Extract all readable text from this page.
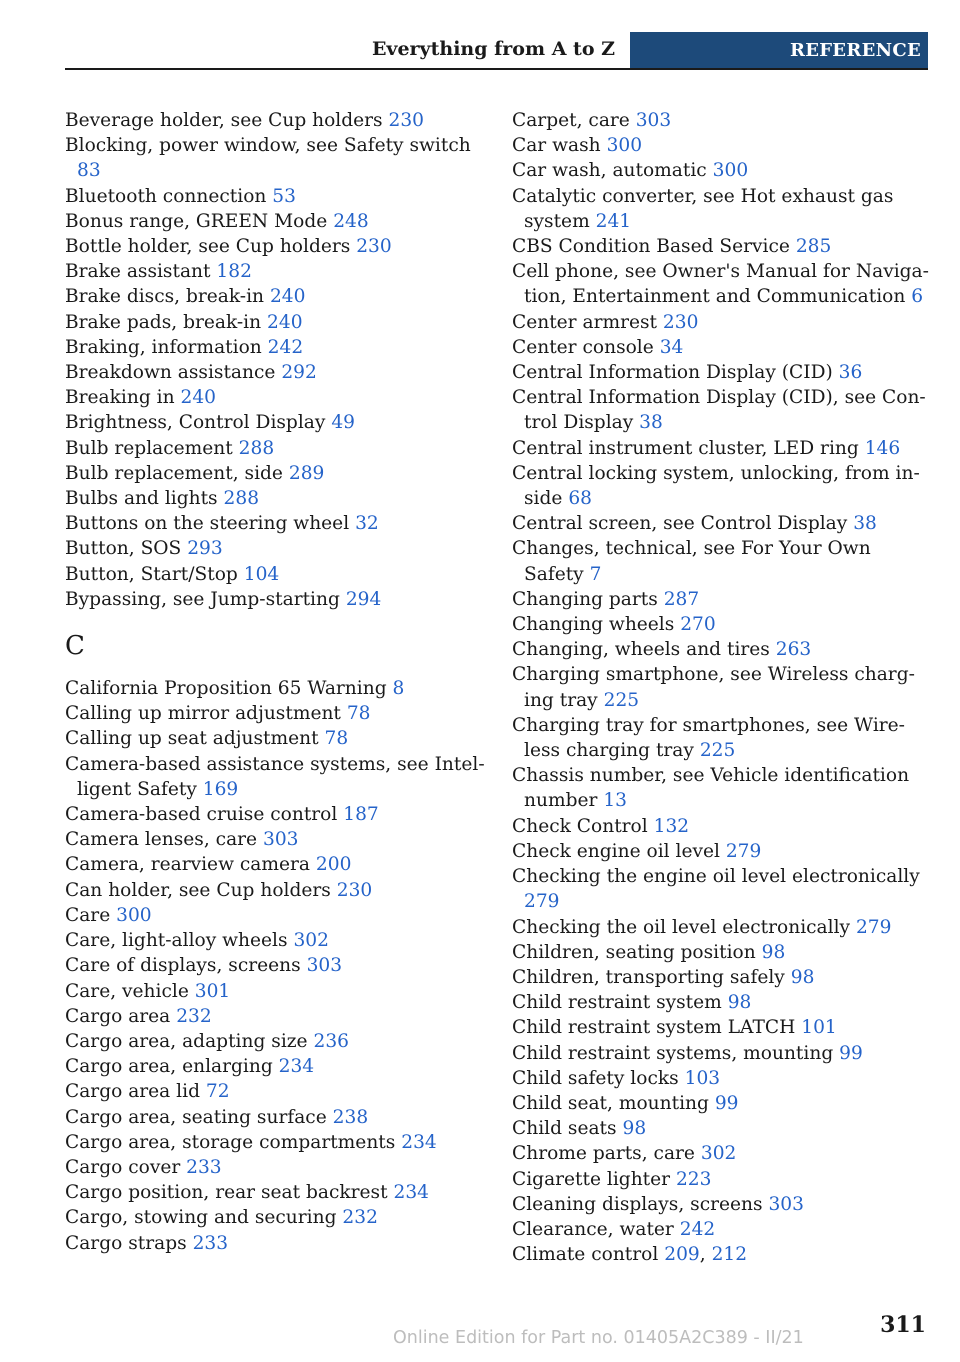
Everything from A to Z	REFERENCE
Beverage holder, see Cup holders 230
Blocking, power window, see Safety switch 83
Bluetooth connection 53
Bonus range, GREEN Mode 248
Bottle holder, see Cup holders 230
Brake assistant 182
Brake discs, break-in 240
Brake pads, break-in 240
Braking, information 242
Breakdown assistance 292
Breaking in 240
Brightness, Control Display 49
Bulb replacement 288
Bulb replacement, side 289
Bulbs and lights 288
Buttons on the steering wheel 32
Button, SOS 293
Button, Start/Stop 104
Bypassing, see Jump-starting 294
C
California Proposition 65 Warning 8
Calling up mirror adjustment 78
Calling up seat adjustment 78
Camera-based assistance systems, see Intelligent Safety 169
Camera-based cruise control 187
Camera lenses, care 303
Camera, rearview camera 200
Can holder, see Cup holders 230
Care 300
Care, light-alloy wheels 302
Care of displays, screens 303
Care, vehicle 301
Cargo area 232
Cargo area, adapting size 236
Cargo area, enlarging 234
Cargo area lid 72
Cargo area, seating surface 238
Cargo area, storage compartments 234
Cargo cover 233
Cargo position, rear seat backrest 234
Cargo, stowing and securing 232
Cargo straps 233
Carpet, care 303
Car wash 300
Car wash, automatic 300
Catalytic converter, see Hot exhaust gas system 241
CBS Condition Based Service 285
Cell phone, see Owner's Manual for Navigation, Entertainment and Communication 6
Center armrest 230
Center console 34
Central Information Display (CID) 36
Central Information Display (CID), see Control Display 38
Central instrument cluster, LED ring 146
Central locking system, unlocking, from inside 68
Central screen, see Control Display 38
Changes, technical, see For Your Own Safety 7
Changing parts 287
Changing wheels 270
Changing, wheels and tires 263
Charging smartphone, see Wireless charging tray 225
Charging tray for smartphones, see Wireless charging tray 225
Chassis number, see Vehicle identification number 13
Check Control 132
Check engine oil level 279
Checking the engine oil level electronically 279
Checking the oil level electronically 279
Children, seating position 98
Children, transporting safely 98
Child restraint system 98
Child restraint system LATCH 101
Child restraint systems, mounting 99
Child safety locks 103
Child seat, mounting 99
Child seats 98
Chrome parts, care 302
Cigarette lighter 223
Cleaning displays, screens 303
Clearance, water 242
Climate control 209, 212
311
Online Edition for Part no. 01405A2C389 - II/21
